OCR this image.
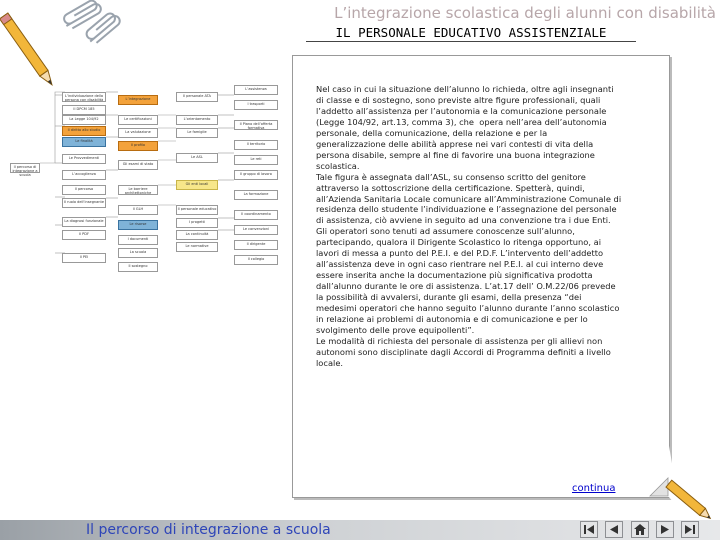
L’integrazione scolastica degli alunni con disabilità
IL PERSONALE EDUCATIVO ASSISTENZIALE
Il percorso di integrazione a scuola
Il diritto allo studio
L’individuazione della persona con disabilità
Il DPCM 185
La Legge 104/92
Le finalità
Le Provvedimenti
L’accoglienza
Il percorso
Il ruolo dell’insegnante
La diagnosi funzionale
Il PDF
Il PEI
L’integrazione
Le certificazioni
La valutazione
Il profilo
Gli esami di stato
Le barriere architettoniche
Il GLH
Le risorse
I documenti
La scuola
Il sostegno
Il personale ATA
L’orientamento
Le famiglie
Le ASL
Gli enti locali
Il personale educativo
I progetti
La continuità
Le normative
L’assistenza
I trasporti
Il Piano dell’offerta formativa
Il territorio
Le reti
Il gruppo di lavoro
La formazione
Il coordinamento
Le convenzioni
Il dirigente
Il collegio
Nel caso in cui la situazione dell’alunno lo richieda, oltre agli insegnanti
di classe e di sostegno, sono previste altre figure professionali, quali
l’addetto all’assistenza per l’autonomia e la comunicazione personale
(Legge 104/92, art.13, comma 3), che  opera nell’area dell’autonomia
personale, della comunicazione, della relazione e per la
generalizzazione delle abilità apprese nei vari contesti di vita della
persona disabile, sempre al fine di favorire una buona integrazione
scolastica.
Tale figura è assegnata dall’ASL, su consenso scritto del genitore
attraverso la sottoscrizione della certificazione. Spetterà, quindi,
all’Azienda Sanitaria Locale comunicare all’Amministrazione Comunale di
residenza dello studente l’individuazione e l’assegnazione del personale
di assistenza, ciò avviene in seguito ad una convenzione tra i due Enti.
Gli operatori sono tenuti ad assumere conoscenze sull’alunno,
partecipando, qualora il Dirigente Scolastico lo ritenga opportuno, ai
lavori di messa a punto del P.E.I. e del P.D.F. L’intervento dell’addetto
all’assistenza deve in ogni caso rientrare nel P.E.I. al cui interno deve
essere inserita anche la documentazione più significativa prodotta
dall’alunno durante le ore di assistenza. L’at.17 dell’ O.M.22/06 prevede
la possibilità di avvalersi, durante gli esami, della presenza “dei
medesimi operatori che hanno seguito l’alunno durante l’anno scolastico
in relazione ai problemi di autonomia e di comunicazione e per lo
svolgimento delle prove equipollenti”.
Le modalità di richiesta del personale di assistenza per gli allievi non
autonomi sono disciplinate dagli Accordi di Programma definiti a livello
locale.
continua
Il percorso di integrazione a scuola
